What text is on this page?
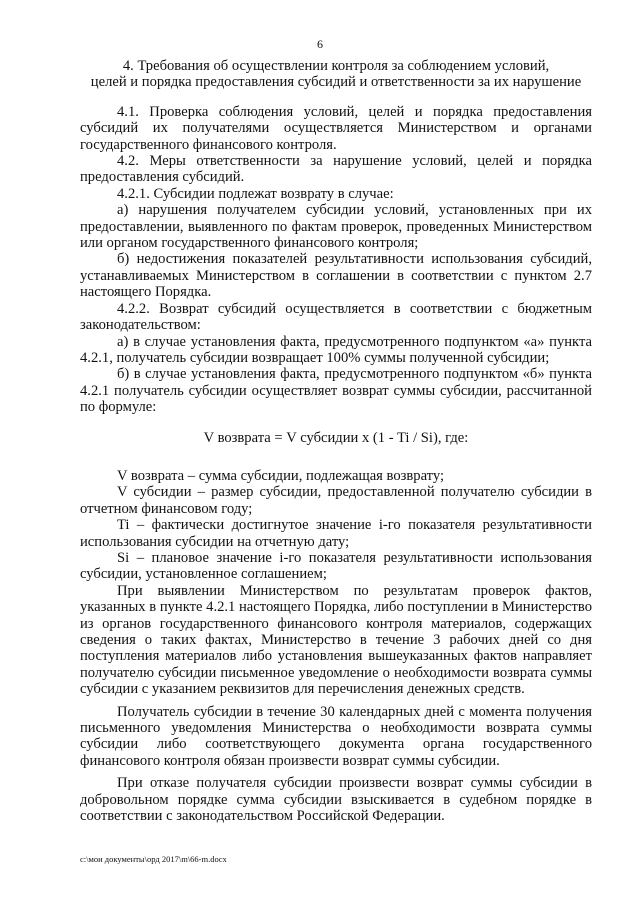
6
4. Требования об осуществлении контроля за соблюдением условий,
целей и порядка предоставления субсидий и ответственности за их нарушение

4.1. Проверка соблюдения условий, целей и порядка предоставления субсидий их получателями осуществляется Министерством и органами государственного финансового контроля.

4.2. Меры ответственности за нарушение условий, целей и порядка предоставления субсидий.

4.2.1. Субсидии подлежат возврату в случае:

а) нарушения получателем субсидии условий, установленных при их предоставлении, выявленного по фактам проверок, проведенных Министерством или органом государственного финансового контроля;

б) недостижения показателей результативности использования субсидий, устанавливаемых Министерством в соглашении в соответствии с пунктом 2.7 настоящего Порядка.

4.2.2. Возврат субсидий осуществляется в соответствии с бюджетным законодательством:

а) в случае установления факта, предусмотренного подпунктом «а» пункта 4.2.1, получатель субсидии возвращает 100% суммы полученной субсидии;

б) в случае установления факта, предусмотренного подпунктом «б» пункта 4.2.1 получатель субсидии осуществляет возврат суммы субсидии, рассчитанной по формуле:

V возврата = V субсидии x (1 - Ti / Si), где:

V возврата – сумма субсидии, подлежащая возврату;

V субсидии – размер субсидии, предоставленной получателю субсидии в отчетном финансовом году;

Ti – фактически достигнутое значение i-го показателя результативности использования субсидии на отчетную дату;

Si – плановое значение i-го показателя результативности использования субсидии, установленное соглашением;

При выявлении Министерством по результатам проверок фактов, указанных в пункте 4.2.1 настоящего Порядка, либо поступлении в Министерство из органов государственного финансового контроля материалов, содержащих сведения о таких фактах, Министерство в течение 3 рабочих дней со дня поступления материалов либо установления вышеуказанных фактов направляет получателю субсидии письменное уведомление о необходимости возврата суммы субсидии с указанием реквизитов для перечисления денежных средств.

Получатель субсидии в течение 30 календарных дней с момента получения письменного уведомления Министерства о необходимости возврата суммы субсидии либо соответствующего документа органа государственного финансового контроля обязан произвести возврат суммы субсидии.

При отказе получателя субсидии произвести возврат суммы субсидии в добровольном порядке сумма субсидии взыскивается в судебном порядке в соответствии с законодательством Российской Федерации.

c:\мои документы\орд 2017\m\66-m.docx
